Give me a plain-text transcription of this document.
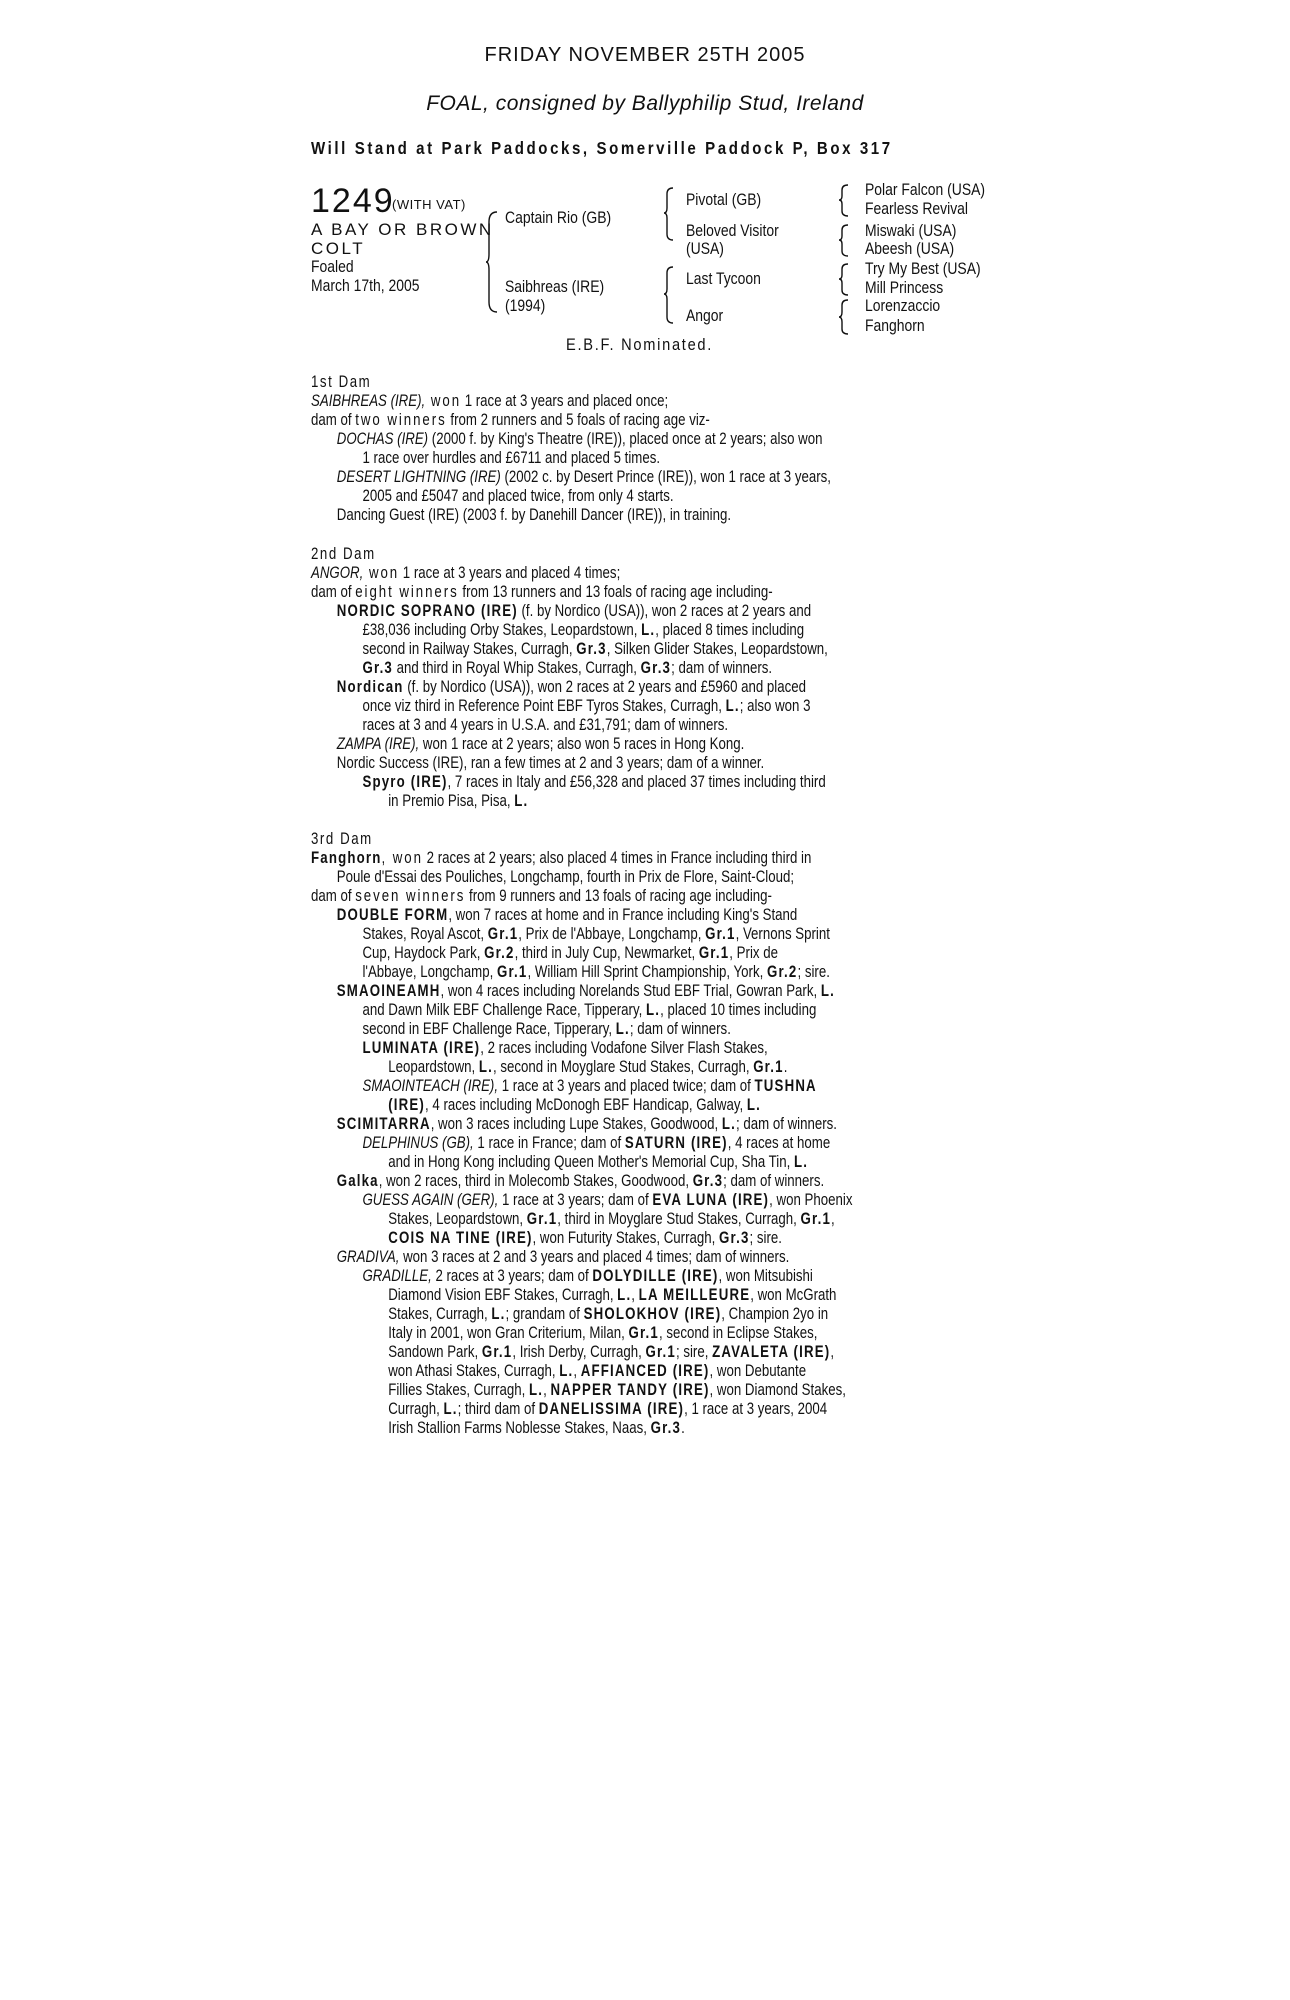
FRIDAY NOVEMBER 25TH 2005
FOAL, consigned by Ballyphilip Stud, Ireland
Will Stand at Park Paddocks, Somerville Paddock P, Box 317
1249
(WITH VAT)
A BAY OR BROWN
COLT
Foaled
March 17th, 2005
Captain Rio (GB)
Saibhreas (IRE)
(1994)
Pivotal (GB)
Beloved Visitor
(USA)
Last Tycoon
Angor
Polar Falcon (USA)
Fearless Revival
Miswaki (USA)
Abeesh (USA)
Try My Best (USA)
Mill Princess
Lorenzaccio
Fanghorn
E.B.F. Nominated.
1st Dam
SAIBHREAS (IRE), won 1 race at 3 years and placed once;
dam of two winners from 2 runners and 5 foals of racing age viz-
DOCHAS (IRE) (2000 f. by King's Theatre (IRE)), placed once at 2 years; also won
1 race over hurdles and £6711 and placed 5 times.
DESERT LIGHTNING (IRE) (2002 c. by Desert Prince (IRE)), won 1 race at 3 years,
2005 and £5047 and placed twice, from only 4 starts.
Dancing Guest (IRE) (2003 f. by Danehill Dancer (IRE)), in training.
2nd Dam
ANGOR, won 1 race at 3 years and placed 4 times;
dam of eight winners from 13 runners and 13 foals of racing age including-
NORDIC SOPRANO (IRE) (f. by Nordico (USA)), won 2 races at 2 years and
£38,036 including Orby Stakes, Leopardstown, L., placed 8 times including
second in Railway Stakes, Curragh, Gr.3, Silken Glider Stakes, Leopardstown,
Gr.3 and third in Royal Whip Stakes, Curragh, Gr.3; dam of winners.
Nordican (f. by Nordico (USA)), won 2 races at 2 years and £5960 and placed
once viz third in Reference Point EBF Tyros Stakes, Curragh, L.; also won 3
races at 3 and 4 years in U.S.A. and £31,791; dam of winners.
ZAMPA (IRE), won 1 race at 2 years; also won 5 races in Hong Kong.
Nordic Success (IRE), ran a few times at 2 and 3 years; dam of a winner.
Spyro (IRE), 7 races in Italy and £56,328 and placed 37 times including third
in Premio Pisa, Pisa, L.
3rd Dam
Fanghorn, won 2 races at 2 years; also placed 4 times in France including third in
Poule d'Essai des Pouliches, Longchamp, fourth in Prix de Flore, Saint-Cloud;
dam of seven winners from 9 runners and 13 foals of racing age including-
DOUBLE FORM, won 7 races at home and in France including King's Stand
Stakes, Royal Ascot, Gr.1, Prix de l'Abbaye, Longchamp, Gr.1, Vernons Sprint
Cup, Haydock Park, Gr.2, third in July Cup, Newmarket, Gr.1, Prix de
l'Abbaye, Longchamp, Gr.1, William Hill Sprint Championship, York, Gr.2; sire.
SMAOINEAMH, won 4 races including Norelands Stud EBF Trial, Gowran Park, L.
and Dawn Milk EBF Challenge Race, Tipperary, L., placed 10 times including
second in EBF Challenge Race, Tipperary, L.; dam of winners.
LUMINATA (IRE), 2 races including Vodafone Silver Flash Stakes,
Leopardstown, L., second in Moyglare Stud Stakes, Curragh, Gr.1.
SMAOINTEACH (IRE), 1 race at 3 years and placed twice; dam of TUSHNA
(IRE), 4 races including McDonogh EBF Handicap, Galway, L.
SCIMITARRA, won 3 races including Lupe Stakes, Goodwood, L.; dam of winners.
DELPHINUS (GB), 1 race in France; dam of SATURN (IRE), 4 races at home
and in Hong Kong including Queen Mother's Memorial Cup, Sha Tin, L.
Galka, won 2 races, third in Molecomb Stakes, Goodwood, Gr.3; dam of winners.
GUESS AGAIN (GER), 1 race at 3 years; dam of EVA LUNA (IRE), won Phoenix
Stakes, Leopardstown, Gr.1, third in Moyglare Stud Stakes, Curragh, Gr.1,
COIS NA TINE (IRE), won Futurity Stakes, Curragh, Gr.3; sire.
GRADIVA, won 3 races at 2 and 3 years and placed 4 times; dam of winners.
GRADILLE, 2 races at 3 years; dam of DOLYDILLE (IRE), won Mitsubishi
Diamond Vision EBF Stakes, Curragh, L., LA MEILLEURE, won McGrath
Stakes, Curragh, L.; grandam of SHOLOKHOV (IRE), Champion 2yo in
Italy in 2001, won Gran Criterium, Milan, Gr.1, second in Eclipse Stakes,
Sandown Park, Gr.1, Irish Derby, Curragh, Gr.1; sire, ZAVALETA (IRE),
won Athasi Stakes, Curragh, L., AFFIANCED (IRE), won Debutante
Fillies Stakes, Curragh, L., NAPPER TANDY (IRE), won Diamond Stakes,
Curragh, L.; third dam of DANELISSIMA (IRE), 1 race at 3 years, 2004
Irish Stallion Farms Noblesse Stakes, Naas, Gr.3.
